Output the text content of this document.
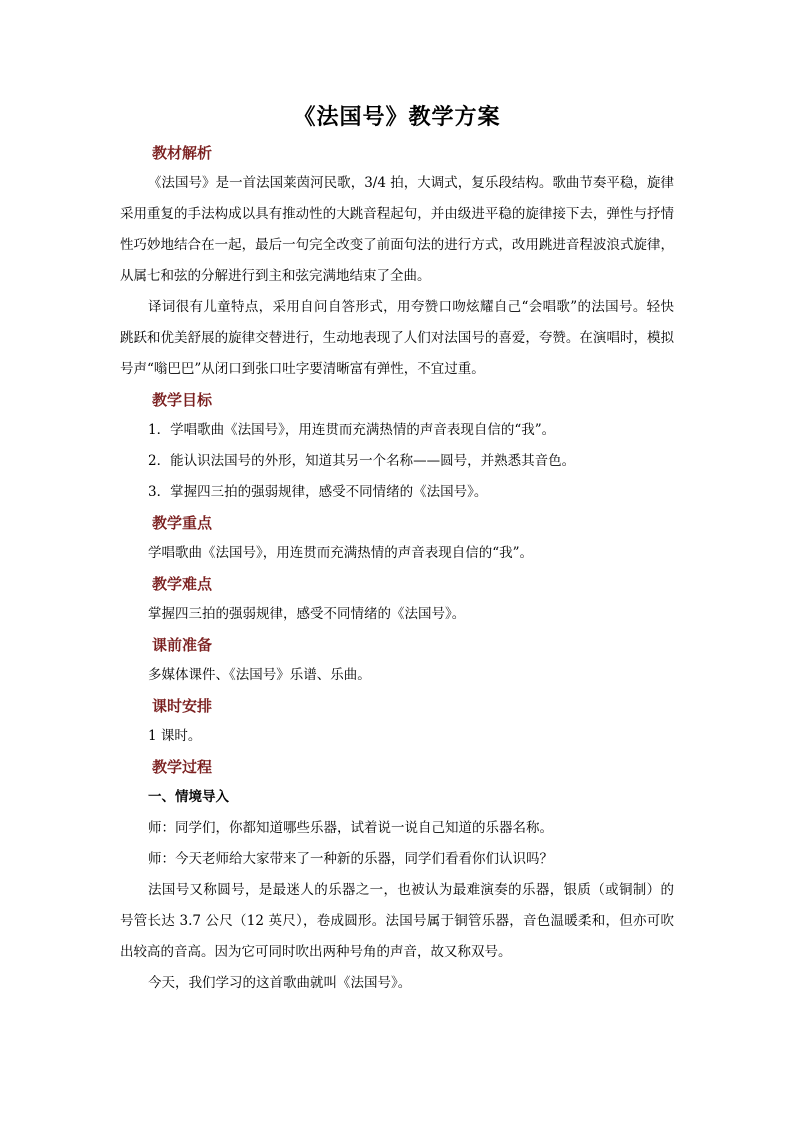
《法国号》教学方案
教材解析

《法国号》是一首法国莱茵河民歌，3/4 拍，大调式，复乐段结构。歌曲节奏平稳，旋律采用重复的手法构成以具有推动性的大跳音程起句，并由级进平稳的旋律接下去，弹性与抒情性巧妙地结合在一起，最后一句完全改变了前面句法的进行方式，改用跳进音程波浪式旋律，从属七和弦的分解进行到主和弦完满地结束了全曲。

译词很有儿童特点，采用自问自答形式，用夸赞口吻炫耀自己“会唱歌”的法国号。轻快跳跃和优美舒展的旋律交替进行，生动地表现了人们对法国号的喜爱，夸赞。在演唱时，模拟号声“嗡巴巴”从闭口到张口吐字要清晰富有弹性，不宜过重。

教学目标

1．学唱歌曲《法国号》，用连贯而充满热情的声音表现自信的“我”。

2．能认识法国号的外形，知道其另一个名称——圆号，并熟悉其音色。

3．掌握四三拍的强弱规律，感受不同情绪的《法国号》。

教学重点

学唱歌曲《法国号》，用连贯而充满热情的声音表现自信的“我”。

教学难点

掌握四三拍的强弱规律，感受不同情绪的《法国号》。

课前准备

多媒体课件、《法国号》乐谱、乐曲。

课时安排

1 课时。

教学过程
一、情境导入

师：同学们，你都知道哪些乐器，试着说一说自己知道的乐器名称。

师：今天老师给大家带来了一种新的乐器，同学们看看你们认识吗？

法国号又称圆号，是最迷人的乐器之一，也被认为最难演奏的乐器，银质（或铜制）的号管长达 3.7 公尺（12 英尺），卷成圆形。法国号属于铜管乐器，音色温暖柔和，但亦可吹出较高的音高。因为它可同时吹出两种号角的声音，故又称双号。

今天，我们学习的这首歌曲就叫《法国号》。
